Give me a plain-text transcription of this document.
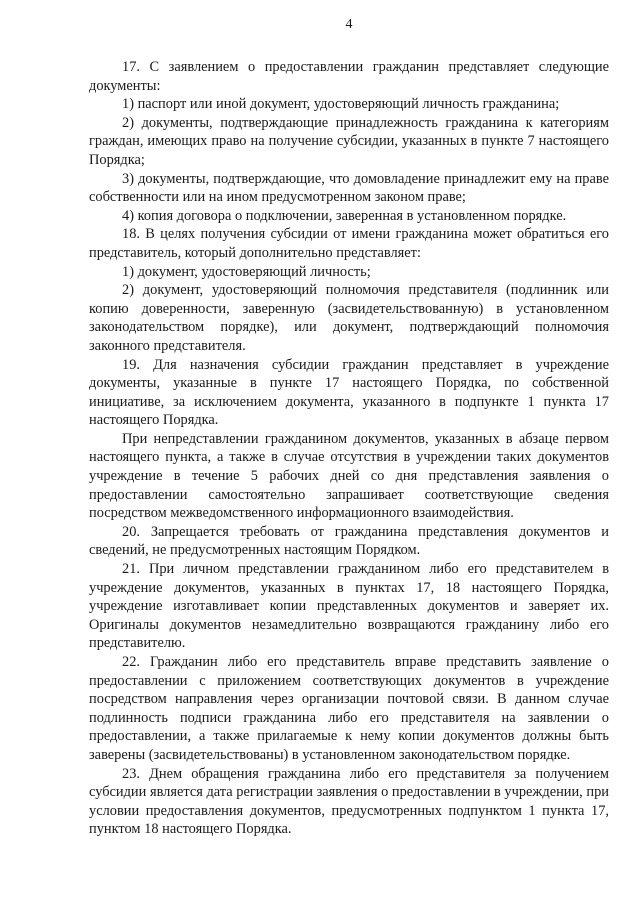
4

17. С заявлением о предоставлении гражданин представляет следующие документы:

1) паспорт или иной документ, удостоверяющий личность гражданина;

2) документы, подтверждающие принадлежность гражданина к категориям граждан, имеющих право на получение субсидии, указанных в пункте 7 настоящего Порядка;

3) документы, подтверждающие, что домовладение принадлежит ему на праве собственности или на ином предусмотренном законом праве;

4) копия договора о подключении, заверенная в установленном порядке.

18. В целях получения субсидии от имени гражданина может обратиться его представитель, который дополнительно представляет:

1) документ, удостоверяющий личность;

2) документ, удостоверяющий полномочия представителя (подлинник или копию доверенности, заверенную (засвидетельствованную) в установленном законодательством порядке), или документ, подтверждающий полномочия законного представителя.

19. Для назначения субсидии гражданин представляет в учреждение документы, указанные в пункте 17 настоящего Порядка, по собственной инициативе, за исключением документа, указанного в подпункте 1 пункта 17 настоящего Порядка.

При непредставлении гражданином документов, указанных в абзаце первом настоящего пункта, а также в случае отсутствия в учреждении таких документов учреждение в течение 5 рабочих дней со дня представления заявления о предоставлении самостоятельно запрашивает соответствующие сведения посредством межведомственного информационного взаимодействия.

20. Запрещается требовать от гражданина представления документов и сведений, не предусмотренных настоящим Порядком.

21. При личном представлении гражданином либо его представителем в учреждение документов, указанных в пунктах 17, 18 настоящего Порядка, учреждение изготавливает копии представленных документов и заверяет их. Оригиналы документов незамедлительно возвращаются гражданину либо его представителю.

22. Гражданин либо его представитель вправе представить заявление о предоставлении с приложением соответствующих документов в учреждение посредством направления через организации почтовой связи. В данном случае подлинность подписи гражданина либо его представителя на заявлении о предоставлении, а также прилагаемые к нему копии документов должны быть заверены (засвидетельствованы) в установленном законодательством порядке.

23. Днем обращения гражданина либо его представителя за получением субсидии является дата регистрации заявления о предоставлении в учреждении, при условии предоставления документов, предусмотренных подпунктом 1 пункта 17, пунктом 18 настоящего Порядка.
